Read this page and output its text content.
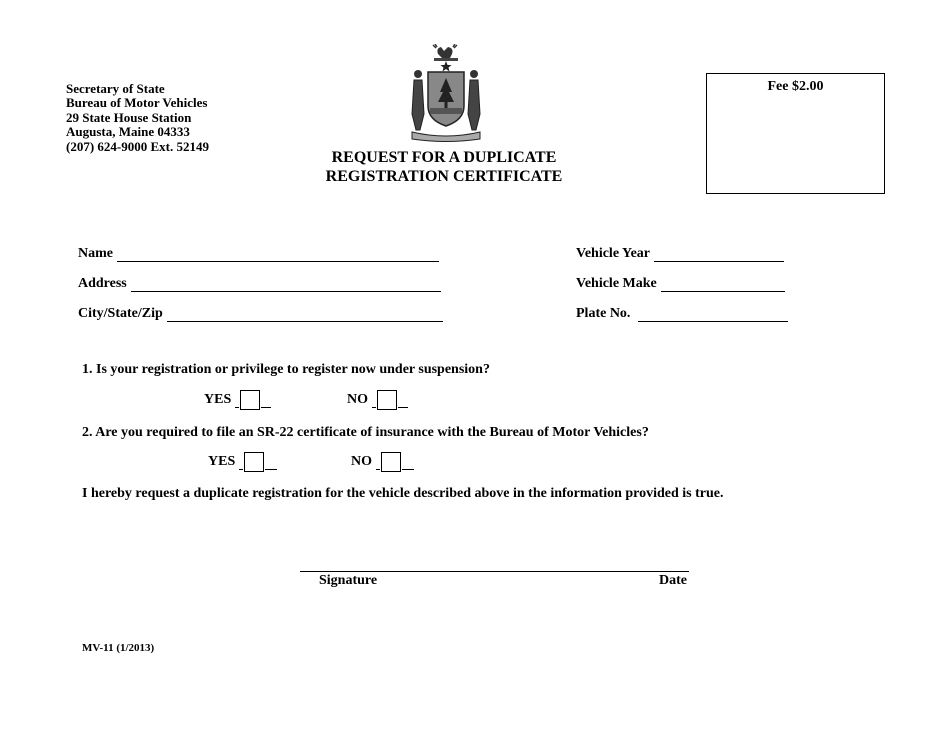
Secretary of State
Bureau of Motor Vehicles
29 State House Station
Augusta, Maine 04333
(207) 624-9000 Ext. 52149
REQUEST FOR A DUPLICATE
REGISTRATION CERTIFICATE
Fee $2.00
Name
Address
City/State/Zip
Vehicle Year
Vehicle Make
Plate No.
1. Is your registration or privilege to register now under suspension?
YES	NO
2. Are you required to file an SR-22 certificate of insurance with the Bureau of Motor Vehicles?
YES	NO
I hereby request a duplicate registration for the vehicle described above in the information provided is true.
Signature	Date
MV-11 (1/2013)
